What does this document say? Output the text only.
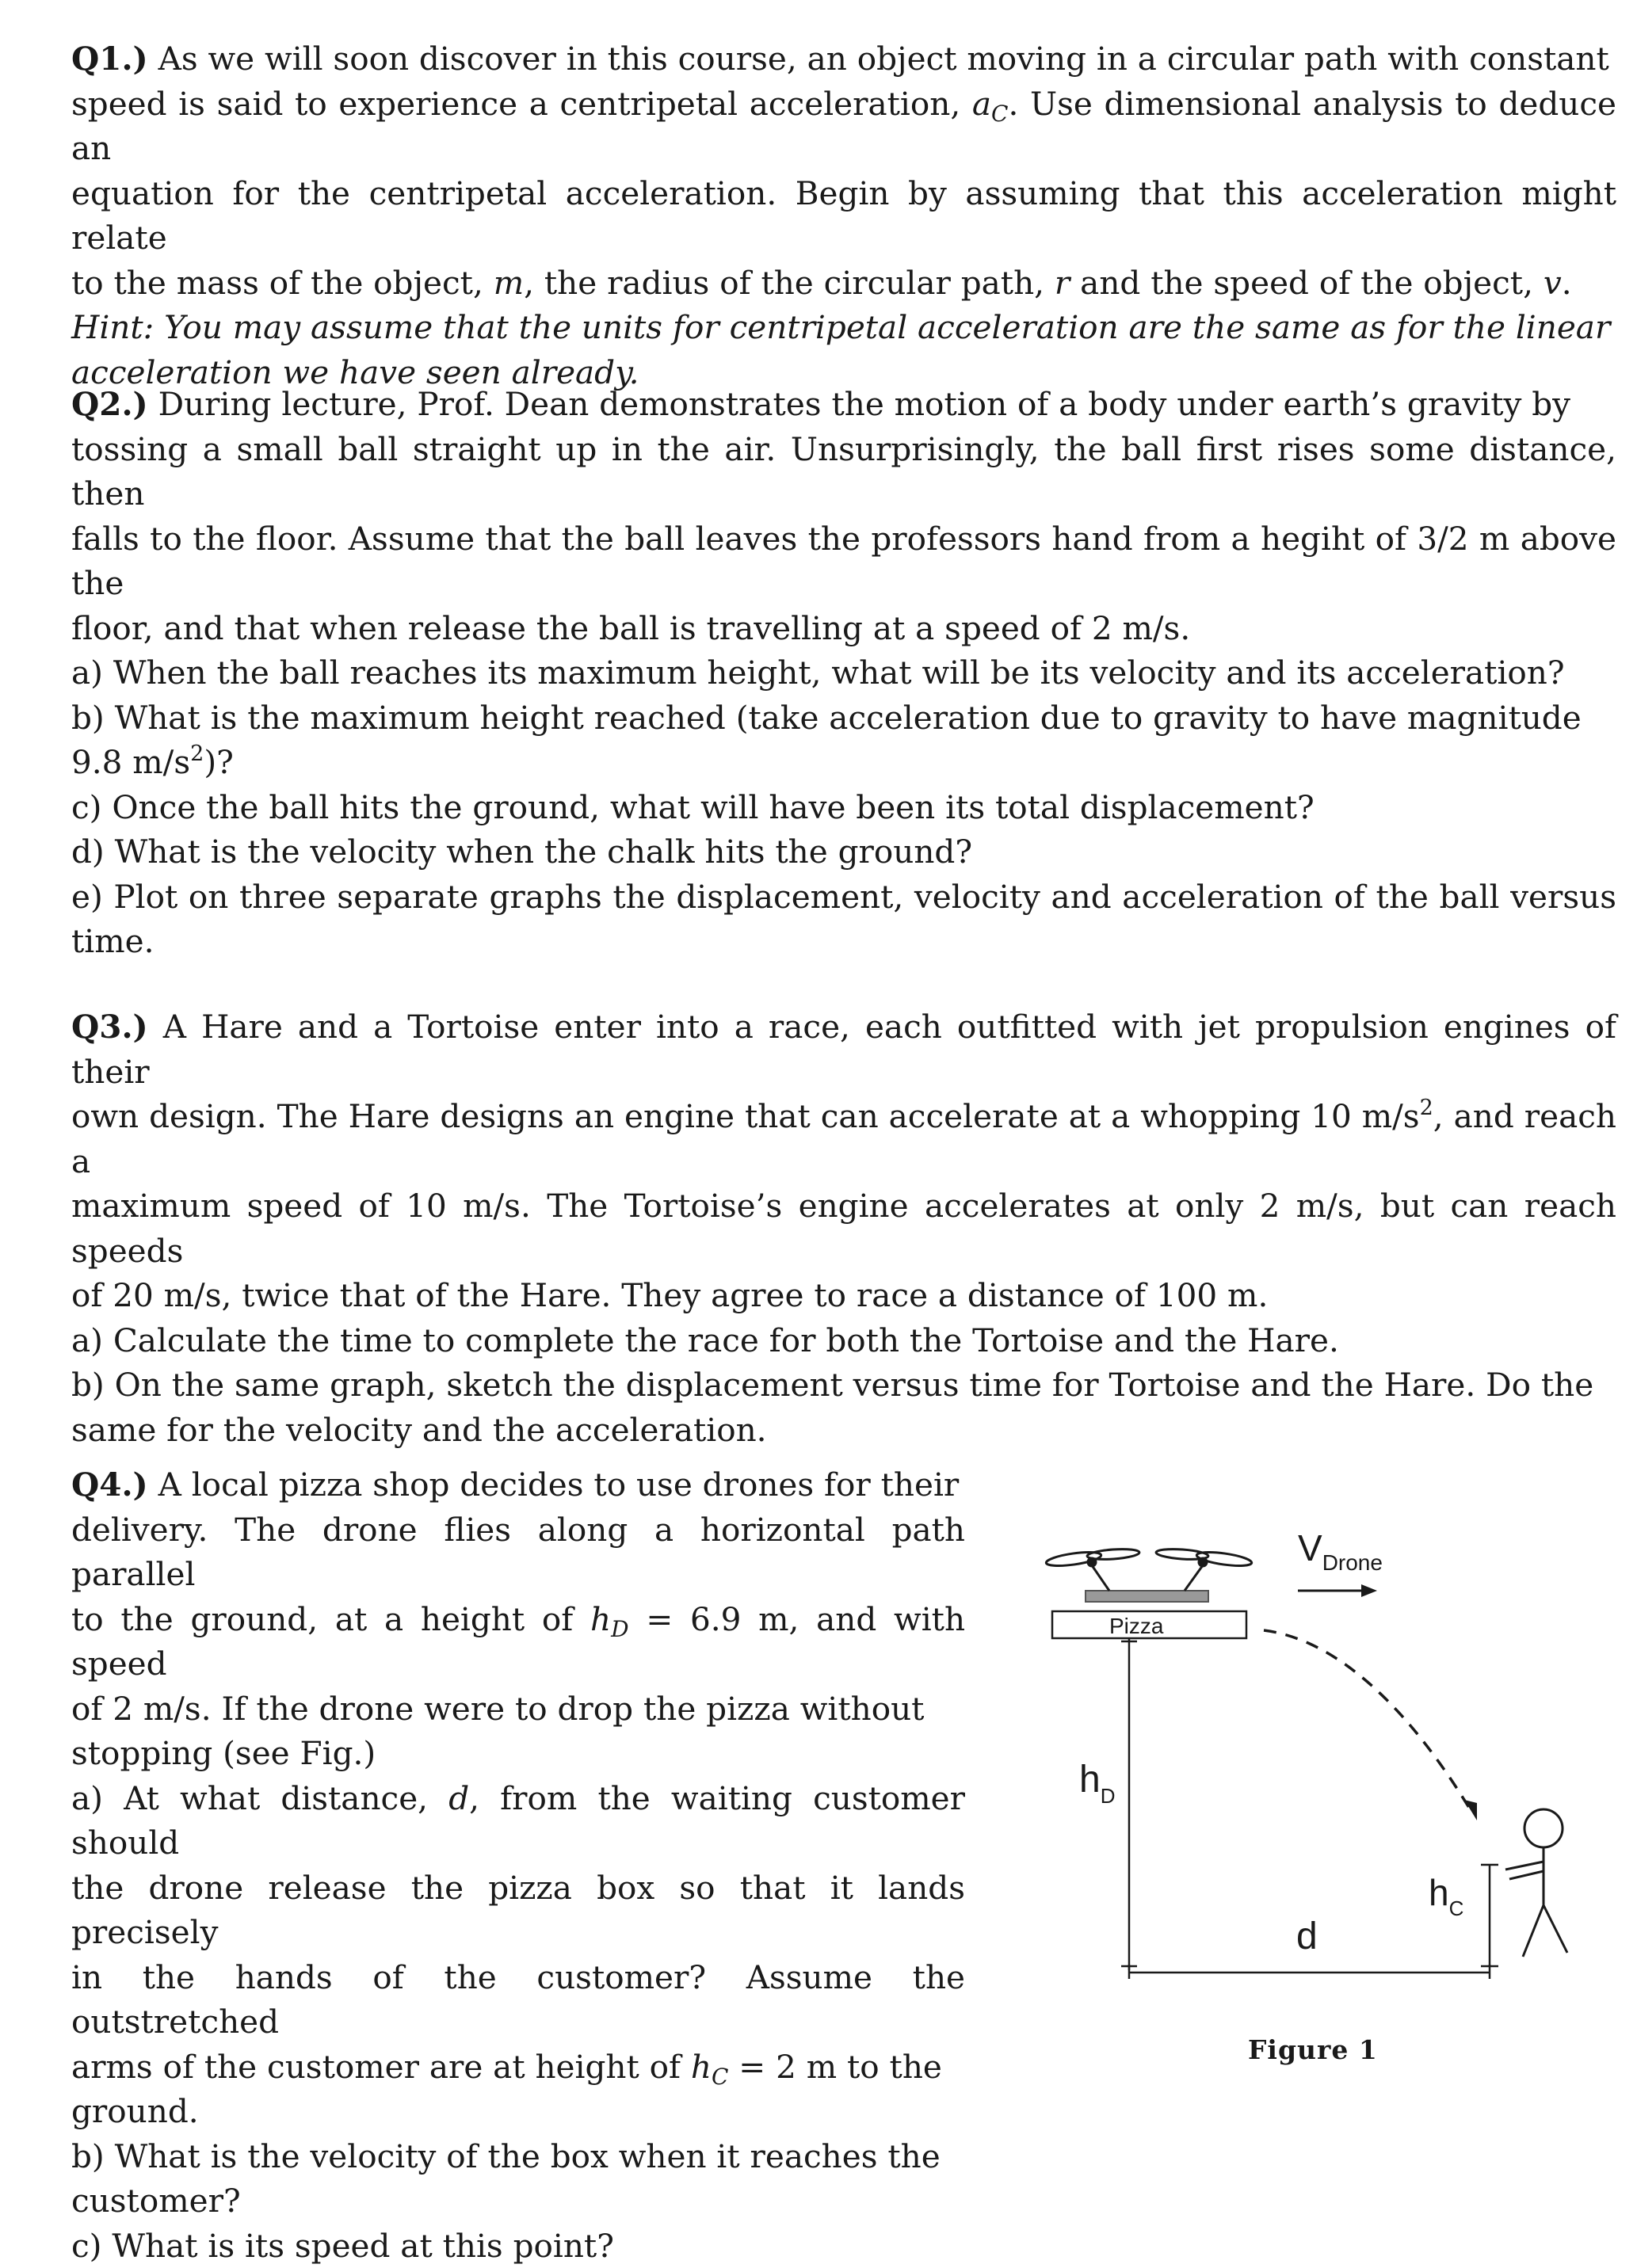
Q1.) As we will soon discover in this course, an object moving in a circular path with constant
speed is said to experience a centripetal acceleration, $a_C$. Use dimensional analysis to deduce an
equation for the centripetal acceleration. Begin by assuming that this acceleration might relate
to the mass of the object, m, the radius of the circular path, r and the speed of the object, v.
Hint: You may assume that the units for centripetal acceleration are the same as for the linear
acceleration we have seen already.
Q2.) During lecture, Prof. Dean demonstrates the motion of a body under earth’s gravity by
tossing a small ball straight up in the air. Unsurprisingly, the ball first rises some distance, then
falls to the floor. Assume that the ball leaves the professors hand from a hegiht of 3/2 m above the
floor, and that when release the ball is travelling at a speed of 2 m/s.
a) When the ball reaches its maximum height, what will be its velocity and its acceleration?
b) What is the maximum height reached (take acceleration due to gravity to have magnitude
9.8 $m/s^2$)?
c) Once the ball hits the ground, what will have been its total displacement?
d) What is the velocity when the chalk hits the ground?
e) Plot on three separate graphs the displacement, velocity and acceleration of the ball versus time.
Q3.) A Hare and a Tortoise enter into a race, each outfitted with jet propulsion engines of their
own design. The Hare designs an engine that can accelerate at a whopping 10 $m/s^2$, and reach a
maximum speed of 10 m/s. The Tortoise’s engine accelerates at only 2 m/s, but can reach speeds
of 20 m/s, twice that of the Hare. They agree to race a distance of 100 m.
a) Calculate the time to complete the race for both the Tortoise and the Hare.
b) On the same graph, sketch the displacement versus time for Tortoise and the Hare. Do the
same for the velocity and the acceleration.
Q4.) A local pizza shop decides to use drones for their
delivery. The drone flies along a horizontal path parallel
to the ground, at a height of $h_D = 6.9$ m, and with speed
of 2 m/s. If the drone were to drop the pizza without
stopping (see Fig.)
a) At what distance, d, from the waiting customer should
the drone release the pizza box so that it lands precisely
in the hands of the customer? Assume the outstretched
arms of the customer are at height of $h_C = 2$ m to the
ground.
b) What is the velocity of the box when it reaches the
customer?
c) What is its speed at this point?
Pizza
$V_{Drone}$
$h_D$
d
$h_C$
Figure 1
